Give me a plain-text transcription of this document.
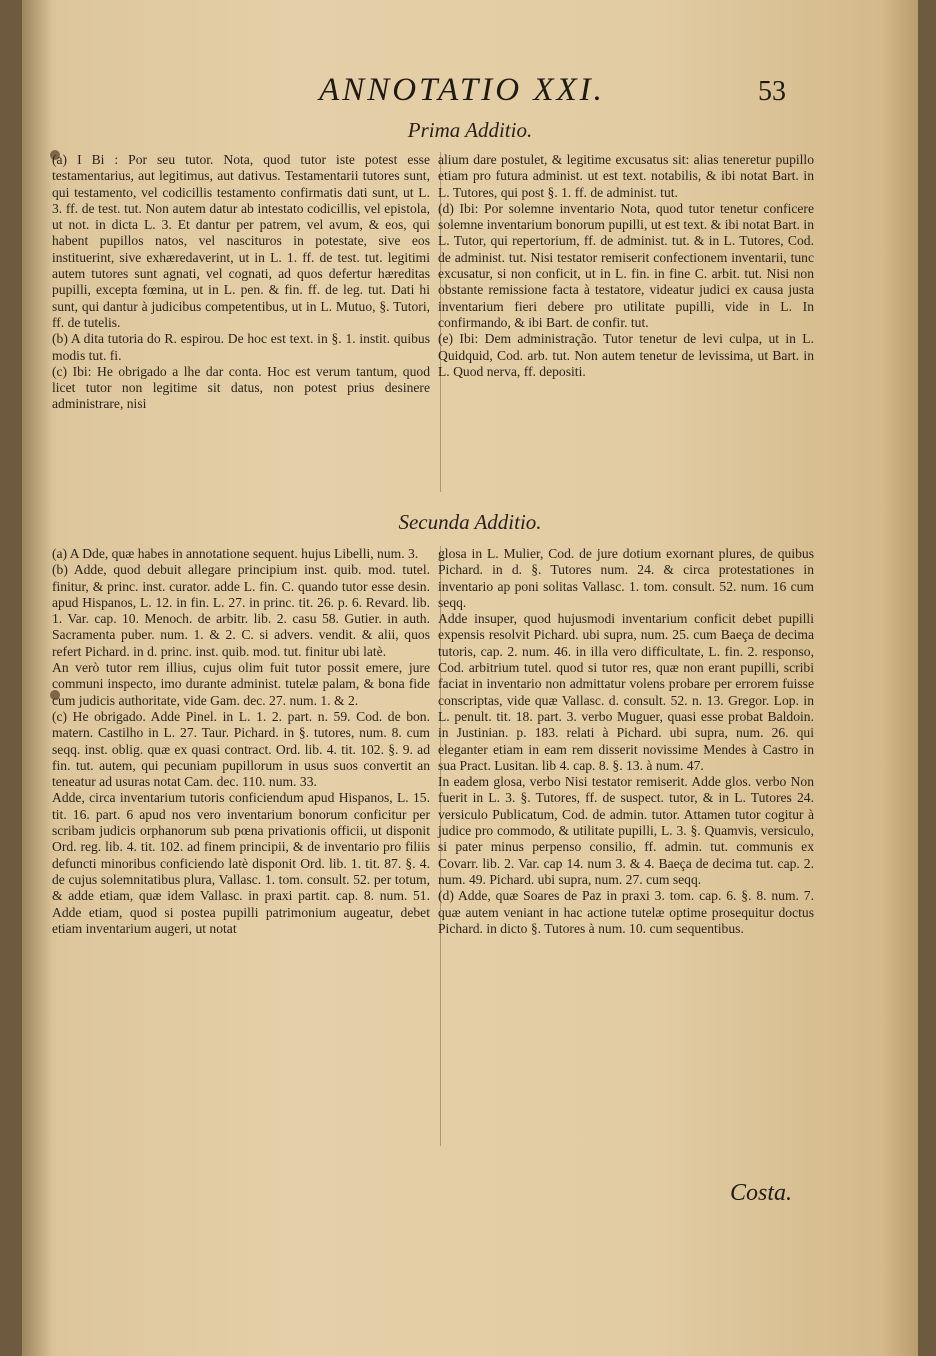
ANNOTATIO XXI.	53
Prima Additio.

(a) I Bi : Por seu tutor. Nota, quod tutor iste potest esse testamentarius, aut legitimus, aut dativus. Testamentarii tutores sunt, qui testamento, vel codicillis testamento confirmatis dati sunt, ut L. 3. ff. de test. tut. Non autem datur ab intestato codicillis, vel epistola, ut not. in dicta L. 3. Et dantur per patrem, vel avum, & eos, qui habent pupillos natos, vel nascituros in potestate, sive eos instituerint, sive exhæredaverint, ut in L. 1. ff. de test. tut. legitimi autem tutores sunt agnati, vel cognati, ad quos defertur hæreditas pupilli, excepta fœmina, ut in L. pen. & fin. ff. de leg. tut. Dati hi sunt, qui dantur à judicibus competentibus, ut in L. Mutuo, §. Tutori, ff. de tutelis.

(b) A dita tutoria do R. espirou. De hoc est text. in §. 1. instit. quibus modis tut. fi.

(c) Ibi: He obrigado a lhe dar conta. Hoc est verum tantum, quod licet tutor non legitime sit datus, non potest prius desinere administrare, nisi

alium dare postulet, & legitime excusatus sit: alias teneretur pupillo etiam pro futura administ. ut est text. notabilis, & ibi notat Bart. in L. Tutores, qui post §. 1. ff. de administ. tut.

(d) Ibi: Por solemne inventario Nota, quod tutor tenetur conficere solemne inventarium bonorum pupilli, ut est text. & ibi notat Bart. in L. Tutor, qui repertorium, ff. de administ. tut. & in L. Tutores, Cod. de administ. tut. Nisi testator remiserit confectionem inventarii, tunc excusatur, si non conficit, ut in L. fin. in fine C. arbit. tut. Nisi non obstante remissione facta à testatore, videatur judici ex causa justa inventarium fieri debere pro utilitate pupilli, vide in L. In confirmando, & ibi Bart. de confir. tut.

(e) Ibi: Dem administração. Tutor tenetur de levi culpa, ut in L. Quidquid, Cod. arb. tut. Non autem tenetur de levissima, ut Bart. in L. Quod nerva, ff. depositi.

Secunda Additio.

(a) A Dde, quæ habes in annotatione sequent. hujus Libelli, num. 3.

(b) Adde, quod debuit allegare principium inst. quib. mod. tutel. finitur, & princ. inst. curator. adde L. fin. C. quando tutor esse desin. apud Hispanos, L. 12. in fin. L. 27. in princ. tit. 26. p. 6. Revard. lib. 1. Var. cap. 10. Menoch. de arbitr. lib. 2. casu 58. Gutier. in auth. Sacramenta puber. num. 1. & 2. C. si advers. vendit. & alii, quos refert Pichard. in d. princ. inst. quib. mod. tut. finitur ubi latè.

An verò tutor rem illius, cujus olim fuit tutor possit emere, jure communi inspecto, imo durante administ. tutelæ palam, & bona fide cum judicis authoritate, vide Gam. dec. 27. num. 1. & 2.

(c) He obrigado. Adde Pinel. in L. 1. 2. part. n. 59. Cod. de bon. matern. Castilho in L. 27. Taur. Pichard. in §. tutores, num. 8. cum seqq. inst. oblig. quæ ex quasi contract. Ord. lib. 4. tit. 102. §. 9. ad fin. tut. autem, qui pecuniam pupillorum in usus suos convertit an teneatur ad usuras notat Cam. dec. 110. num. 33.

Adde, circa inventarium tutoris conficiendum apud Hispanos, L. 15. tit. 16. part. 6 apud nos vero inventarium bonorum conficitur per scribam judicis orphanorum sub pœna privationis officii, ut disponit Ord. reg. lib. 4. tit. 102. ad finem principii, & de inventario pro filiis defuncti minoribus conficiendo latè disponit Ord. lib. 1. tit. 87. §. 4. de cujus solemnitatibus plura, Vallasc. 1. tom. consult. 52. per totum, & adde etiam, quæ idem Vallasc. in praxi partit. cap. 8. num. 51. Adde etiam, quod si postea pupilli patrimonium augeatur, debet etiam inventarium augeri, ut notat

glosa in L. Mulier, Cod. de jure dotium exornant plures, de quibus Pichard. in d. §. Tutores num. 24. & circa protestationes in inventario ap poni solitas Vallasc. 1. tom. consult. 52. num. 16 cum seqq.

Adde insuper, quod hujusmodi inventarium conficit debet pupilli expensis resolvit Pichard. ubi supra, num. 25. cum Baeça de decima tutoris, cap. 2. num. 46. in illa vero difficultate, L. fin. 2. responso, Cod. arbitrium tutel. quod si tutor res, quæ non erant pupilli, scribi faciat in inventario non admittatur volens probare per errorem fuisse conscriptas, vide quæ Vallasc. d. consult. 52. n. 13. Gregor. Lop. in L. penult. tit. 18. part. 3. verbo Muguer, quasi esse probat Baldoin. in Justinian. p. 183. relati à Pichard. ubi supra, num. 26. qui eleganter etiam in eam rem disserit novissime Mendes à Castro in sua Pract. Lusitan. lib 4. cap. 8. §. 13. à num. 47.

In eadem glosa, verbo Nisi testator remiserit. Adde glos. verbo Non fuerit in L. 3. §. Tutores, ff. de suspect. tutor, & in L. Tutores 24. versiculo Publicatum, Cod. de admin. tutor. Attamen tutor cogitur à judice pro commodo, & utilitate pupilli, L. 3. §. Quamvis, versiculo, si pater minus perpenso consilio, ff. admin. tut. communis ex Covarr. lib. 2. Var. cap 14. num 3. & 4. Baeça de decima tut. cap. 2. num. 49. Pichard. ubi supra, num. 27. cum seqq.

(d) Adde, quæ Soares de Paz in praxi 3. tom. cap. 6. §. 8. num. 7. quæ autem veniant in hac actione tutelæ optime prosequitur doctus Pichard. in dicto §. Tutores à num. 10. cum sequentibus.

Costa.
